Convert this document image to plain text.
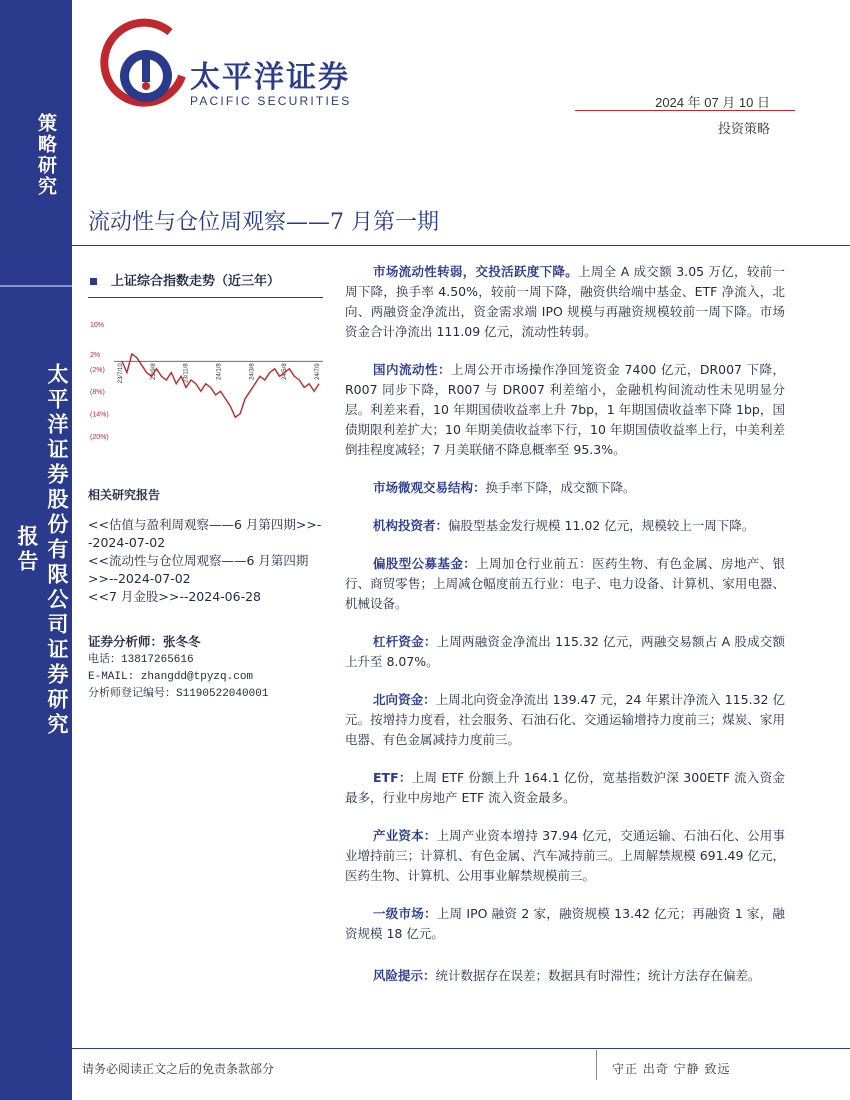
策略研究
太平洋证券股份有限公司证券研究报告
太平洋证券
PACIFIC SECURITIES	2024 年 07 月 10 日
投资策略
流动性与仓位周观察——7 月第一期
上证综合指数走势（近三年）
10%
2%
(2%)
(8%)
(14%)
(20%)
23/7/10	23/9/8	23/11/8	24/1/8	24/3/8	24/5/8	24/7/9
相关研究报告

<<估值与盈利周观察——6 月第四期>>--2024-07-02

<<流动性与仓位周观察——6 月第四期>>--2024-07-02

<<7 月金股>>--2024-06-28

证券分析师：张冬冬
电话：13817265616
E-MAIL: zhangdd@tpyzq.com
分析师登记编号：S1190522040001

市场流动性转弱，交投活跃度下降。上周全 A 成交额 3.05 万亿，较前一周下降，换手率 4.50%，较前一周下降，融资供给端中基金、ETF 净流入，北向、两融资金净流出，资金需求端 IPO 规模与再融资规模较前一周下降。市场资金合计净流出 111.09 亿元，流动性转弱。

国内流动性：上周公开市场操作净回笼资金 7400 亿元，DR007 下降，R007 同步下降，R007 与 DR007 利差缩小，金融机构间流动性未见明显分层。利差来看，10 年期国债收益率上升 7bp，1 年期国债收益率下降 1bp，国债期限利差扩大；10 年期美债收益率下行，10 年期国债收益率上行，中美利差倒挂程度减轻；7 月美联储不降息概率至 95.3%。

市场微观交易结构：换手率下降，成交额下降。

机构投资者：偏股型基金发行规模 11.02 亿元，规模较上一周下降。

偏股型公募基金：上周加仓行业前五：医药生物、有色金属、房地产、银行、商贸零售；上周减仓幅度前五行业：电子、电力设备、计算机、家用电器、机械设备。

杠杆资金：上周两融资金净流出 115.32 亿元，两融交易额占 A 股成交额上升至 8.07%。

北向资金：上周北向资金净流出 139.47 元，24 年累计净流入 115.32 亿元。按增持力度看，社会服务、石油石化、交通运输增持力度前三；煤炭、家用电器、有色金属减持力度前三。

ETF：上周 ETF 份额上升 164.1 亿份，宽基指数沪深 300ETF 流入资金最多，行业中房地产 ETF 流入资金最多。

产业资本：上周产业资本增持 37.94 亿元，交通运输、石油石化、公用事业增持前三；计算机、有色金属、汽车减持前三。上周解禁规模 691.49 亿元，医药生物、计算机、公用事业解禁规模前三。

一级市场：上周 IPO 融资 2 家，融资规模 13.42 亿元；再融资 1 家，融资规模 18 亿元。

风险提示：统计数据存在误差；数据具有时滞性；统计方法存在偏差。

请务必阅读正文之后的免责条款部分	守正 出奇 宁静 致远
